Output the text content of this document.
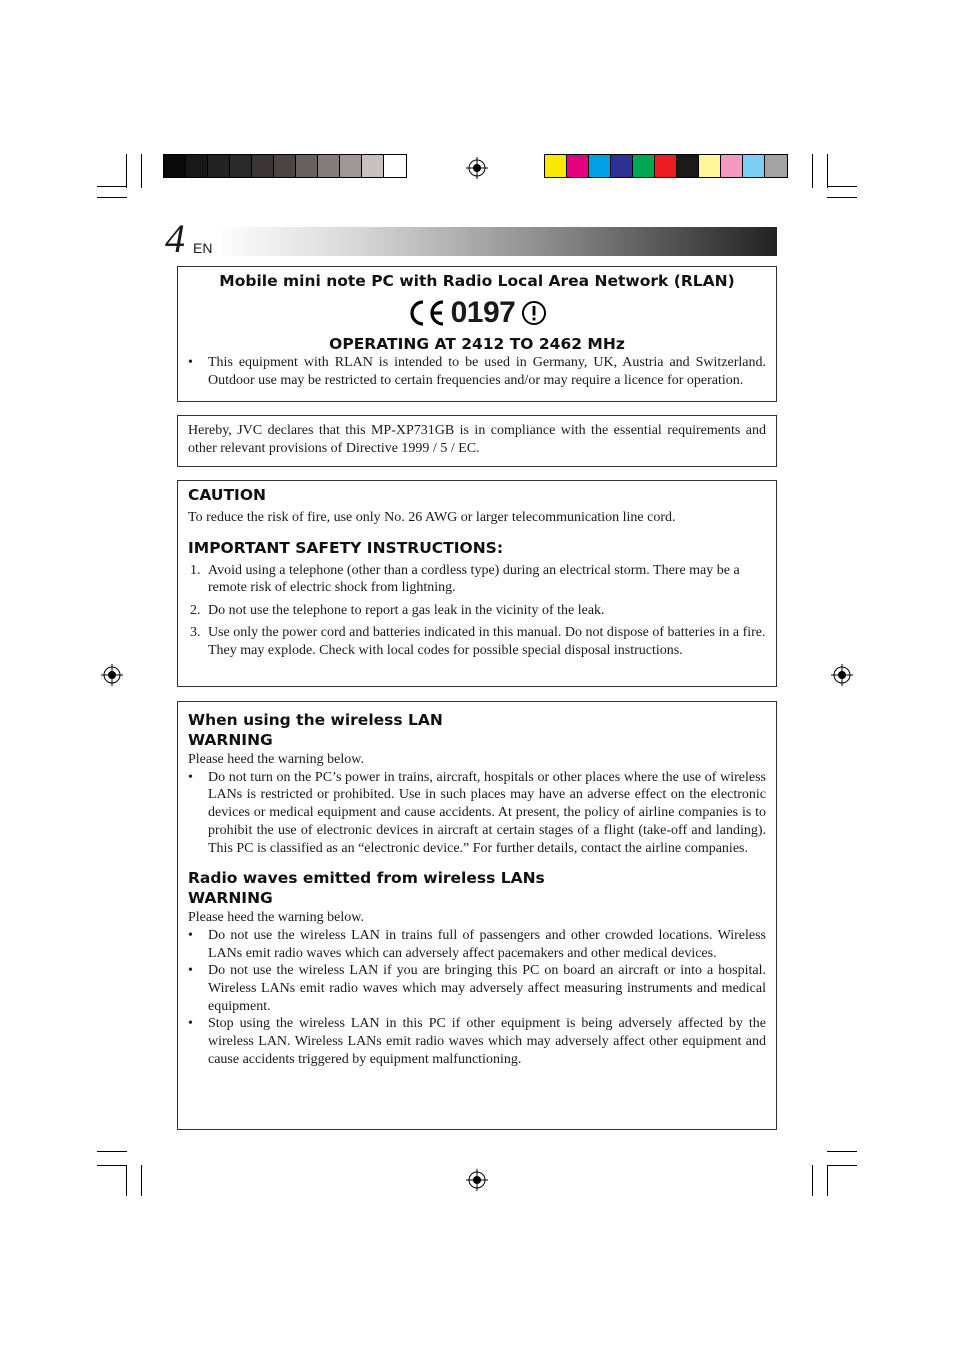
4 EN
Mobile mini note PC with Radio Local Area Network (RLAN)
0197
OPERATING AT 2412 TO 2462 MHz
• This equipment with RLAN is intended to be used in Germany, UK, Austria and Switzerland. Outdoor use may be restricted to certain frequencies and/or may require a licence for operation.
Hereby, JVC declares that this MP-XP731GB is in compliance with the essential requirements and other relevant provisions of Directive 1999 / 5 / EC.
CAUTION
To reduce the risk of fire, use only No. 26 AWG or larger telecommunication line cord.
IMPORTANT SAFETY INSTRUCTIONS:
1. Avoid using a telephone (other than a cordless type) during an electrical storm. There may be a remote risk of electric shock from lightning.
2. Do not use the telephone to report a gas leak in the vicinity of the leak.
3. Use only the power cord and batteries indicated in this manual. Do not dispose of batteries in a fire. They may explode. Check with local codes for possible special disposal instructions.
When using the wireless LAN
WARNING
Please heed the warning below.
• Do not turn on the PC’s power in trains, aircraft, hospitals or other places where the use of wireless LANs is restricted or prohibited. Use in such places may have an adverse effect on the electronic devices or medical equipment and cause accidents. At present, the policy of airline companies is to prohibit the use of electronic devices in aircraft at certain stages of a flight (take-off and landing). This PC is classified as an “electronic device.” For further details, contact the airline companies.
Radio waves emitted from wireless LANs
WARNING
Please heed the warning below.
• Do not use the wireless LAN in trains full of passengers and other crowded locations. Wireless LANs emit radio waves which can adversely affect pacemakers and other medical devices.
• Do not use the wireless LAN if you are bringing this PC on board an aircraft or into a hospital. Wireless LANs emit radio waves which may adversely affect measuring instruments and medical equipment.
• Stop using the wireless LAN in this PC if other equipment is being adversely affected by the wireless LAN. Wireless LANs emit radio waves which may adversely affect other equipment and cause accidents triggered by equipment malfunctioning.
